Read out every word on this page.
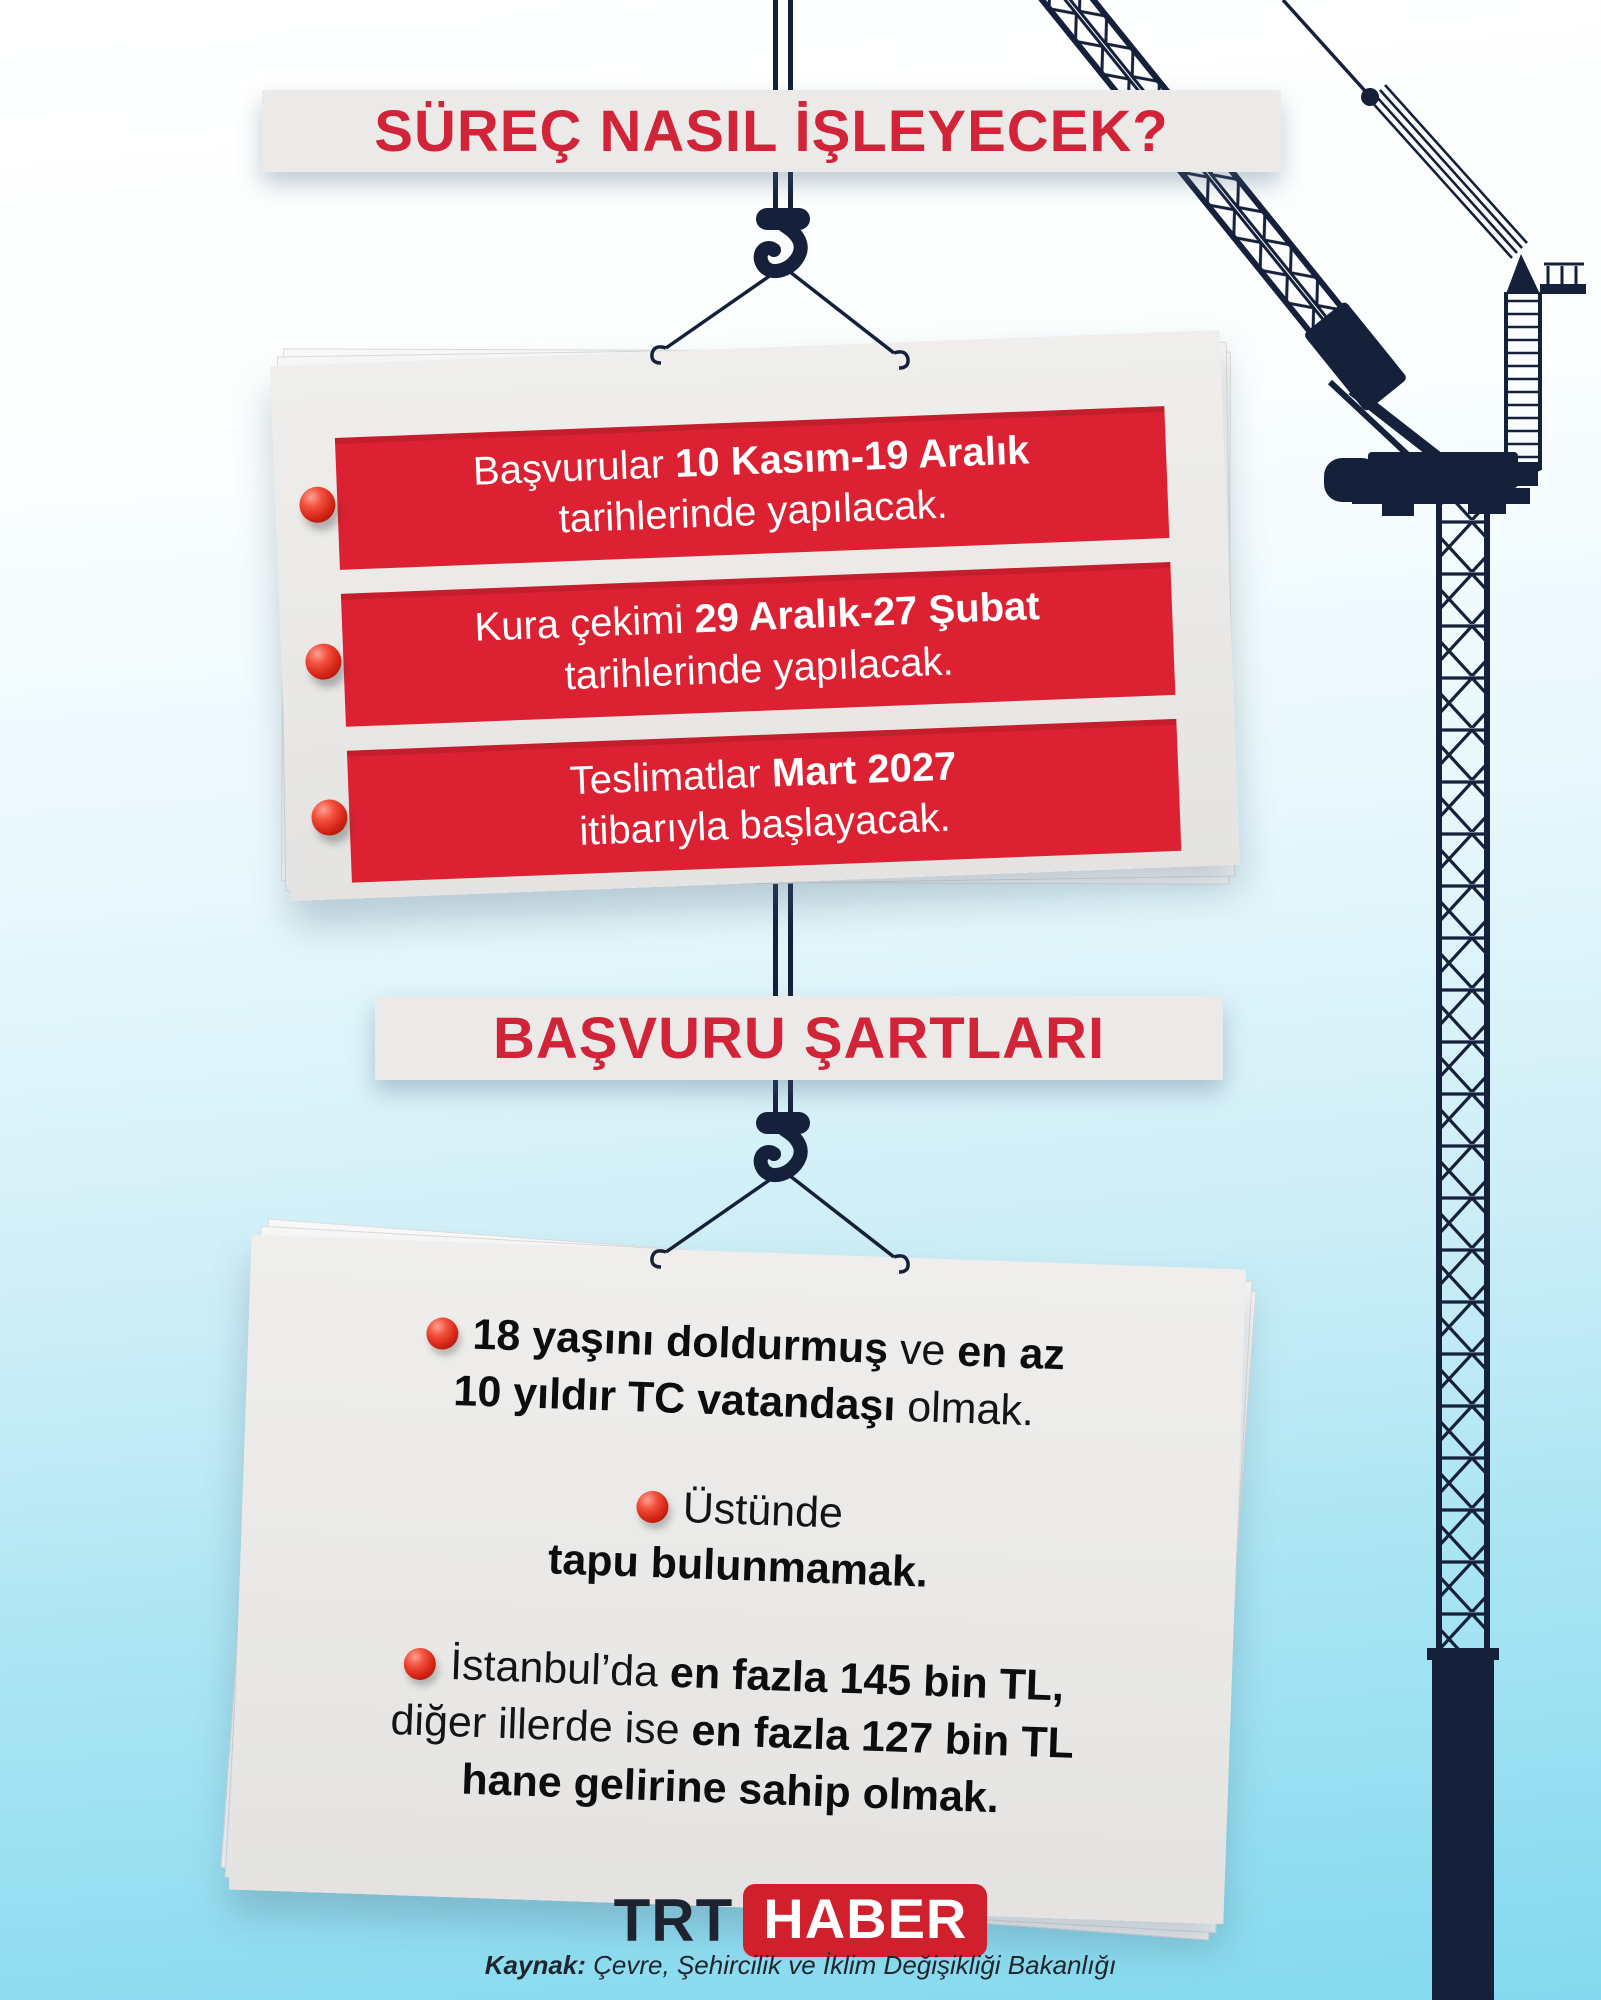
SÜREÇ NASIL İŞLEYECEK?
Başvurular 10 Kasım-19 Aralık
tarihlerinde yapılacak.
Kura çekimi 29 Aralık-27 Şubat
tarihlerinde yapılacak.
Teslimatlar Mart 2027
itibarıyla başlayacak.
BAŞVURU ŞARTLARI

18 yaşını doldurmuş ve en az
10 yıldır TC vatandaşı olmak.

Üstünde
tapu bulunmamak.

İstanbul’da en fazla 145 bin TL,
diğer illerde ise en fazla 127 bin TL
hane gelirine sahip olmak.

TRT HABER
Kaynak: Çevre, Şehircilik ve İklim Değişikliği Bakanlığı
